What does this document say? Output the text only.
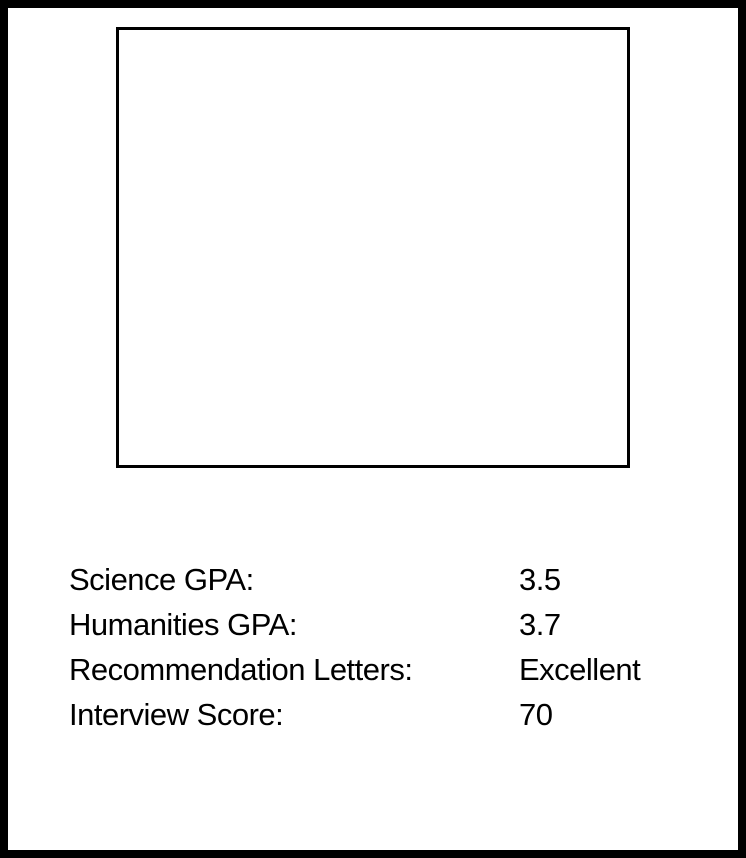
Science GPA:	3.5
Humanities GPA:	3.7
Recommendation Letters:	Excellent
Interview Score:	70
